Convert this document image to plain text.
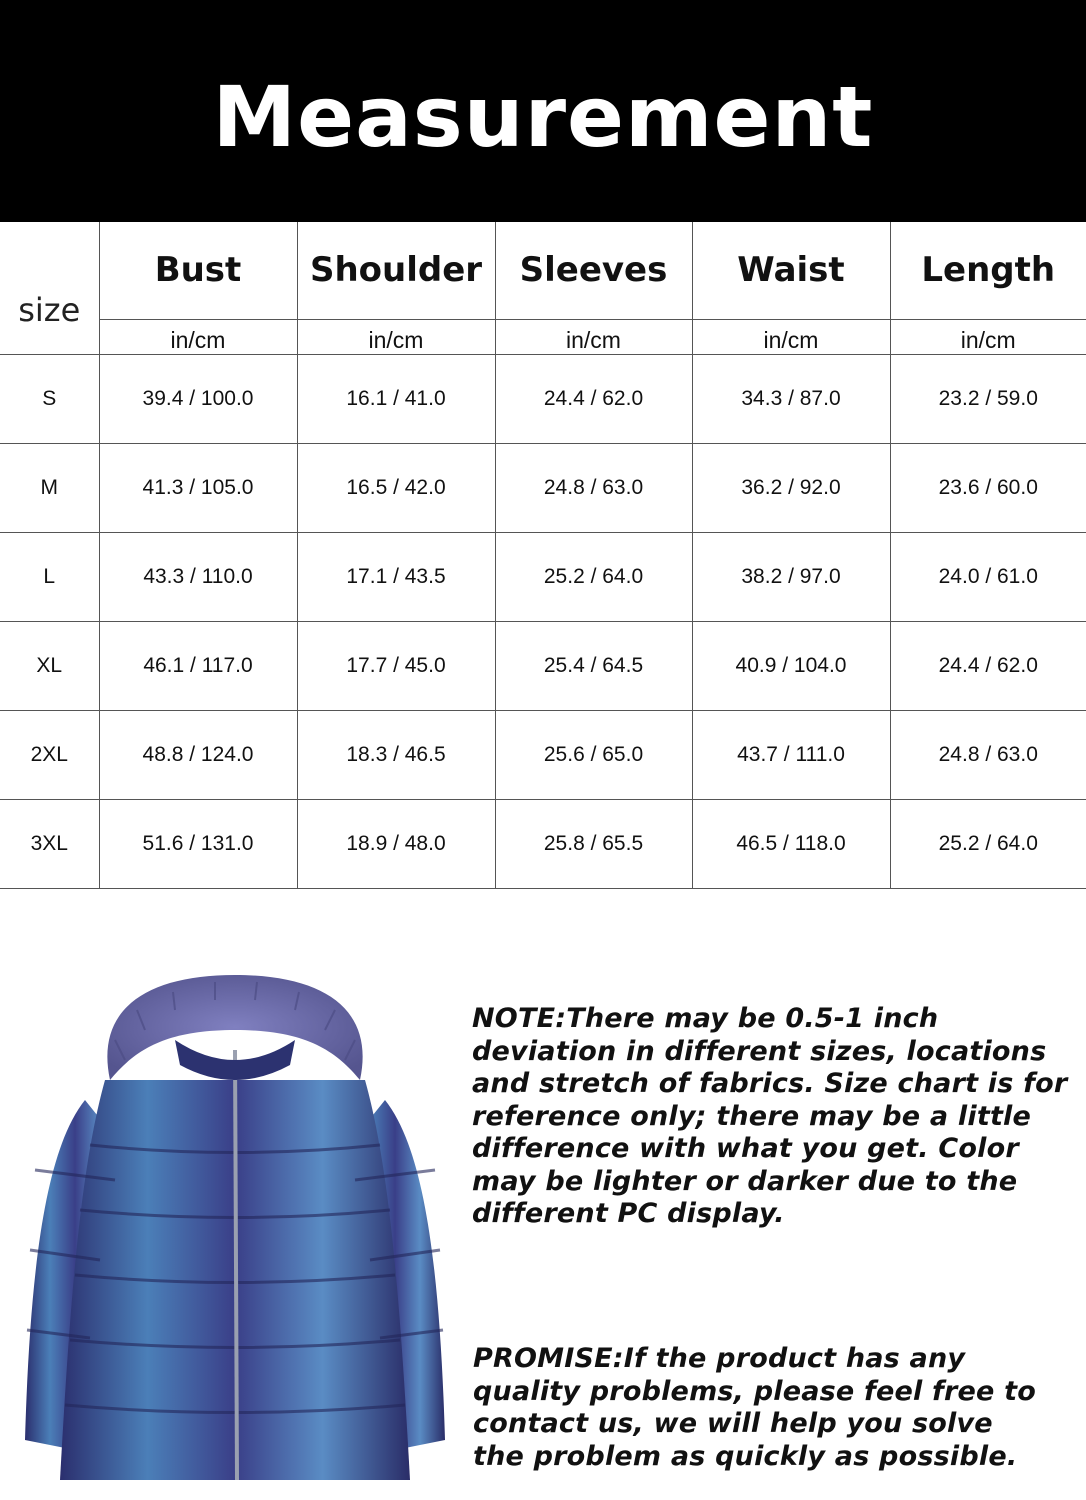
Measurement
size	Bust	Shoulder	Sleeves	Waist	Length
	in/cm	in/cm	in/cm	in/cm	in/cm
S	39.4 / 100.0	16.1 / 41.0	24.4 / 62.0	34.3 / 87.0	23.2 / 59.0
M	41.3 / 105.0	16.5 / 42.0	24.8 / 63.0	36.2 / 92.0	23.6 / 60.0
L	43.3 / 110.0	17.1 / 43.5	25.2 / 64.0	38.2 / 97.0	24.0 / 61.0
XL	46.1 / 117.0	17.7 / 45.0	25.4 / 64.5	40.9 / 104.0	24.4 / 62.0
2XL	48.8 / 124.0	18.3 / 46.5	25.6 / 65.0	43.7 / 111.0	24.8 / 63.0
3XL	51.6 / 131.0	18.9 / 48.0	25.8 / 65.5	46.5 / 118.0	25.2 / 64.0
NOTE:There may be 0.5-1 inch
deviation in different sizes, locations
and stretch of fabrics. Size chart is for
reference only; there may be a little
difference with what you get. Color
may be lighter or darker due to the
different PC display.
PROMISE:If the product has any
quality problems, please feel free to
contact us, we will help you solve
the problem as quickly as possible.
